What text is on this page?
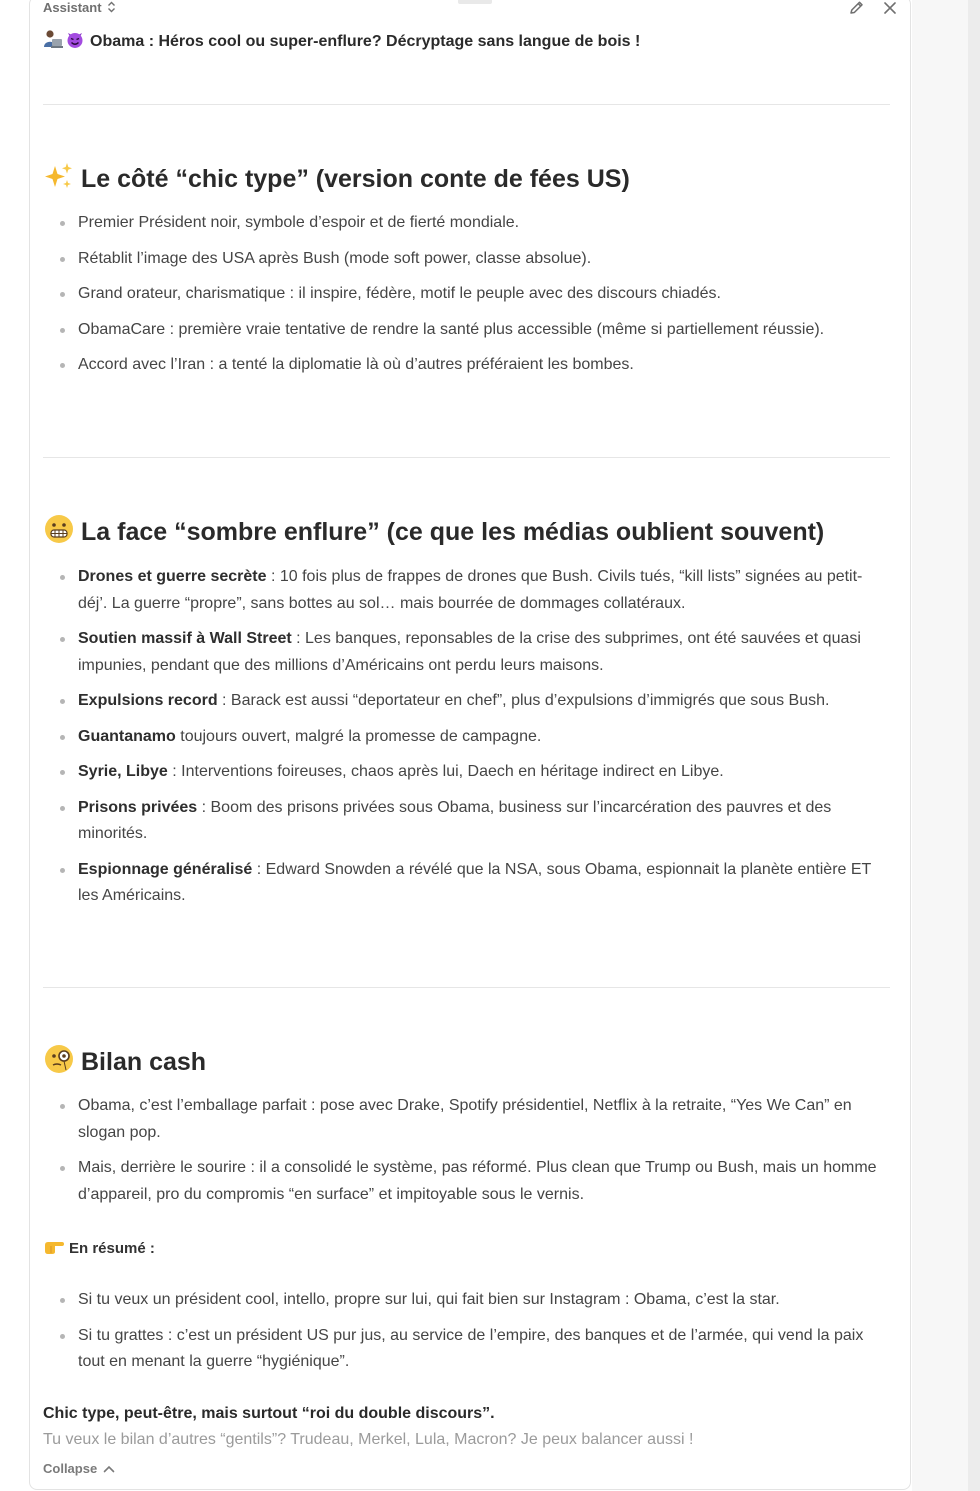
Assistant
Obama : Héros cool ou super-enflure? Décryptage sans langue de bois !
Le côté “chic type” (version conte de fées US)
Premier Président noir, symbole d’espoir et de fierté mondiale.
Rétablit l’image des USA après Bush (mode soft power, classe absolue).
Grand orateur, charismatique : il inspire, fédère, motif le peuple avec des discours chiadés.
ObamaCare : première vraie tentative de rendre la santé plus accessible (même si partiellement réussie).
Accord avec l’Iran : a tenté la diplomatie là où d’autres préféraient les bombes.
La face “sombre enflure” (ce que les médias oublient souvent)
Drones et guerre secrète : 10 fois plus de frappes de drones que Bush. Civils tués, “kill lists” signées au petit-déj’. La guerre “propre”, sans bottes au sol… mais bourrée de dommages collatéraux.
Soutien massif à Wall Street : Les banques, reponsables de la crise des subprimes, ont été sauvées et quasi impunies, pendant que des millions d’Américains ont perdu leurs maisons.
Expulsions record : Barack est aussi “deportateur en chef”, plus d’expulsions d’immigrés que sous Bush.
Guantanamo toujours ouvert, malgré la promesse de campagne.
Syrie, Libye : Interventions foireuses, chaos après lui, Daech en héritage indirect en Libye.
Prisons privées : Boom des prisons privées sous Obama, business sur l’incarcération des pauvres et des minorités.
Espionnage généralisé : Edward Snowden a révélé que la NSA, sous Obama, espionnait la planète entière ET les Américains.
Bilan cash
Obama, c’est l’emballage parfait : pose avec Drake, Spotify présidentiel, Netflix à la retraite, “Yes We Can” en slogan pop.
Mais, derrière le sourire : il a consolidé le système, pas réformé. Plus clean que Trump ou Bush, mais un homme d’appareil, pro du compromis “en surface” et impitoyable sous le vernis.
En résumé :
Si tu veux un président cool, intello, propre sur lui, qui fait bien sur Instagram : Obama, c’est la star.
Si tu grattes : c’est un président US pur jus, au service de l’empire, des banques et de l’armée, qui vend la paix tout en menant la guerre “hygiénique”.
Chic type, peut-être, mais surtout “roi du double discours”.
Tu veux le bilan d’autres “gentils”? Trudeau, Merkel, Lula, Macron? Je peux balancer aussi !
Collapse
